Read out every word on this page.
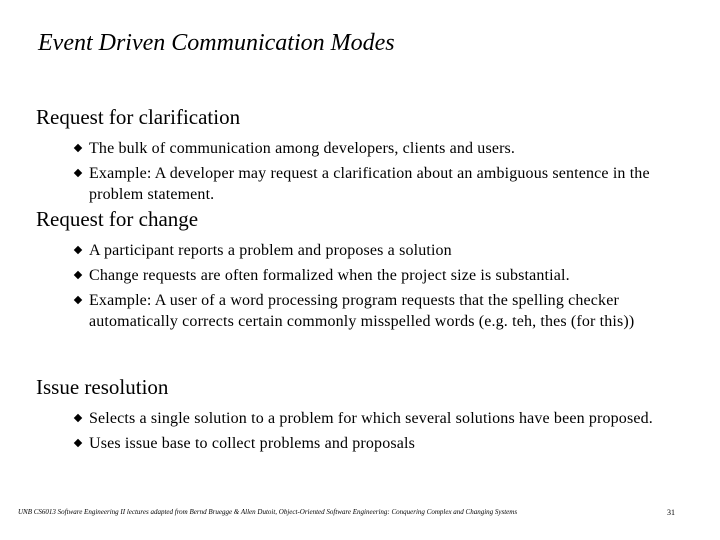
Event Driven Communication Modes
Request for clarification
The bulk of communication among developers, clients and users.
Example: A developer may request a clarification about an ambiguous sentence in the problem statement.
Request for change
A participant reports a problem and proposes a solution
Change requests are often formalized when the project size is substantial.
Example: A user of a word processing program requests that the spelling checker automatically corrects certain commonly misspelled words (e.g. teh, thes (for this))
Issue resolution
Selects a single solution to a problem for which several solutions have been proposed.
Uses issue base to collect problems and proposals
UNB CS6013 Software Engineering II lectures adapted from Bernd Bruegge & Allen Dutoit, Object-Oriented Software Engineering: Conquering Complex and Changing Systems	31
